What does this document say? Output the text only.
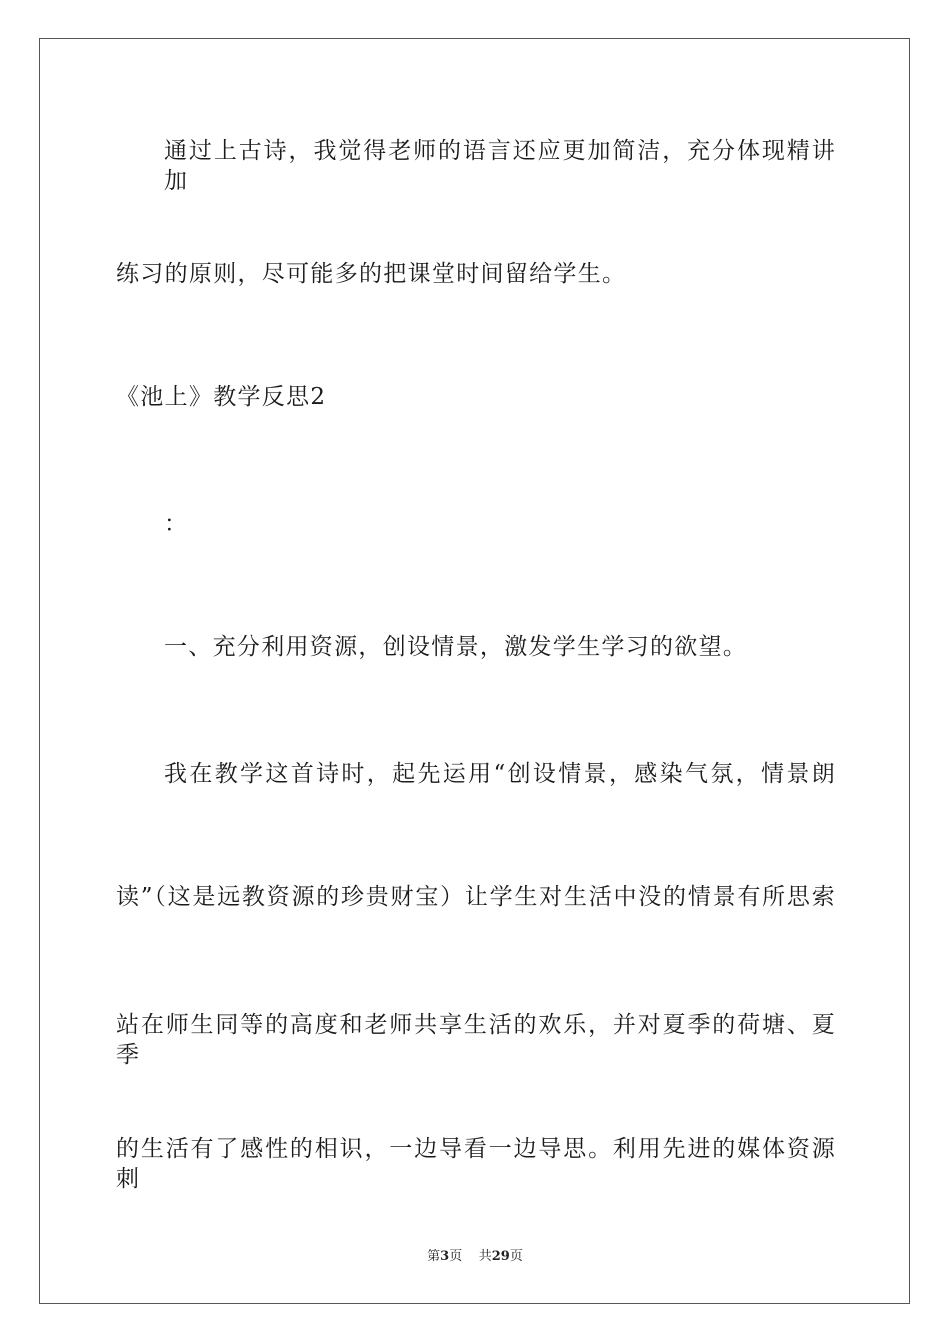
通过上古诗，我觉得老师的语言还应更加简洁，充分体现精讲加
练习的原则，尽可能多的把课堂时间留给学生。
《池上》教学反思2
：
一、充分利用资源，创设情景，激发学生学习的欲望。
我在教学这首诗时，起先运用“创设情景，感染气氛，情景朗
读”（这是远教资源的珍贵财宝）让学生对生活中没的情景有所思索
站在师生同等的高度和老师共享生活的欢乐，并对夏季的荷塘、夏季
的生活有了感性的相识，一边导看一边导思。利用先进的媒体资源刺
第3页 共29页
